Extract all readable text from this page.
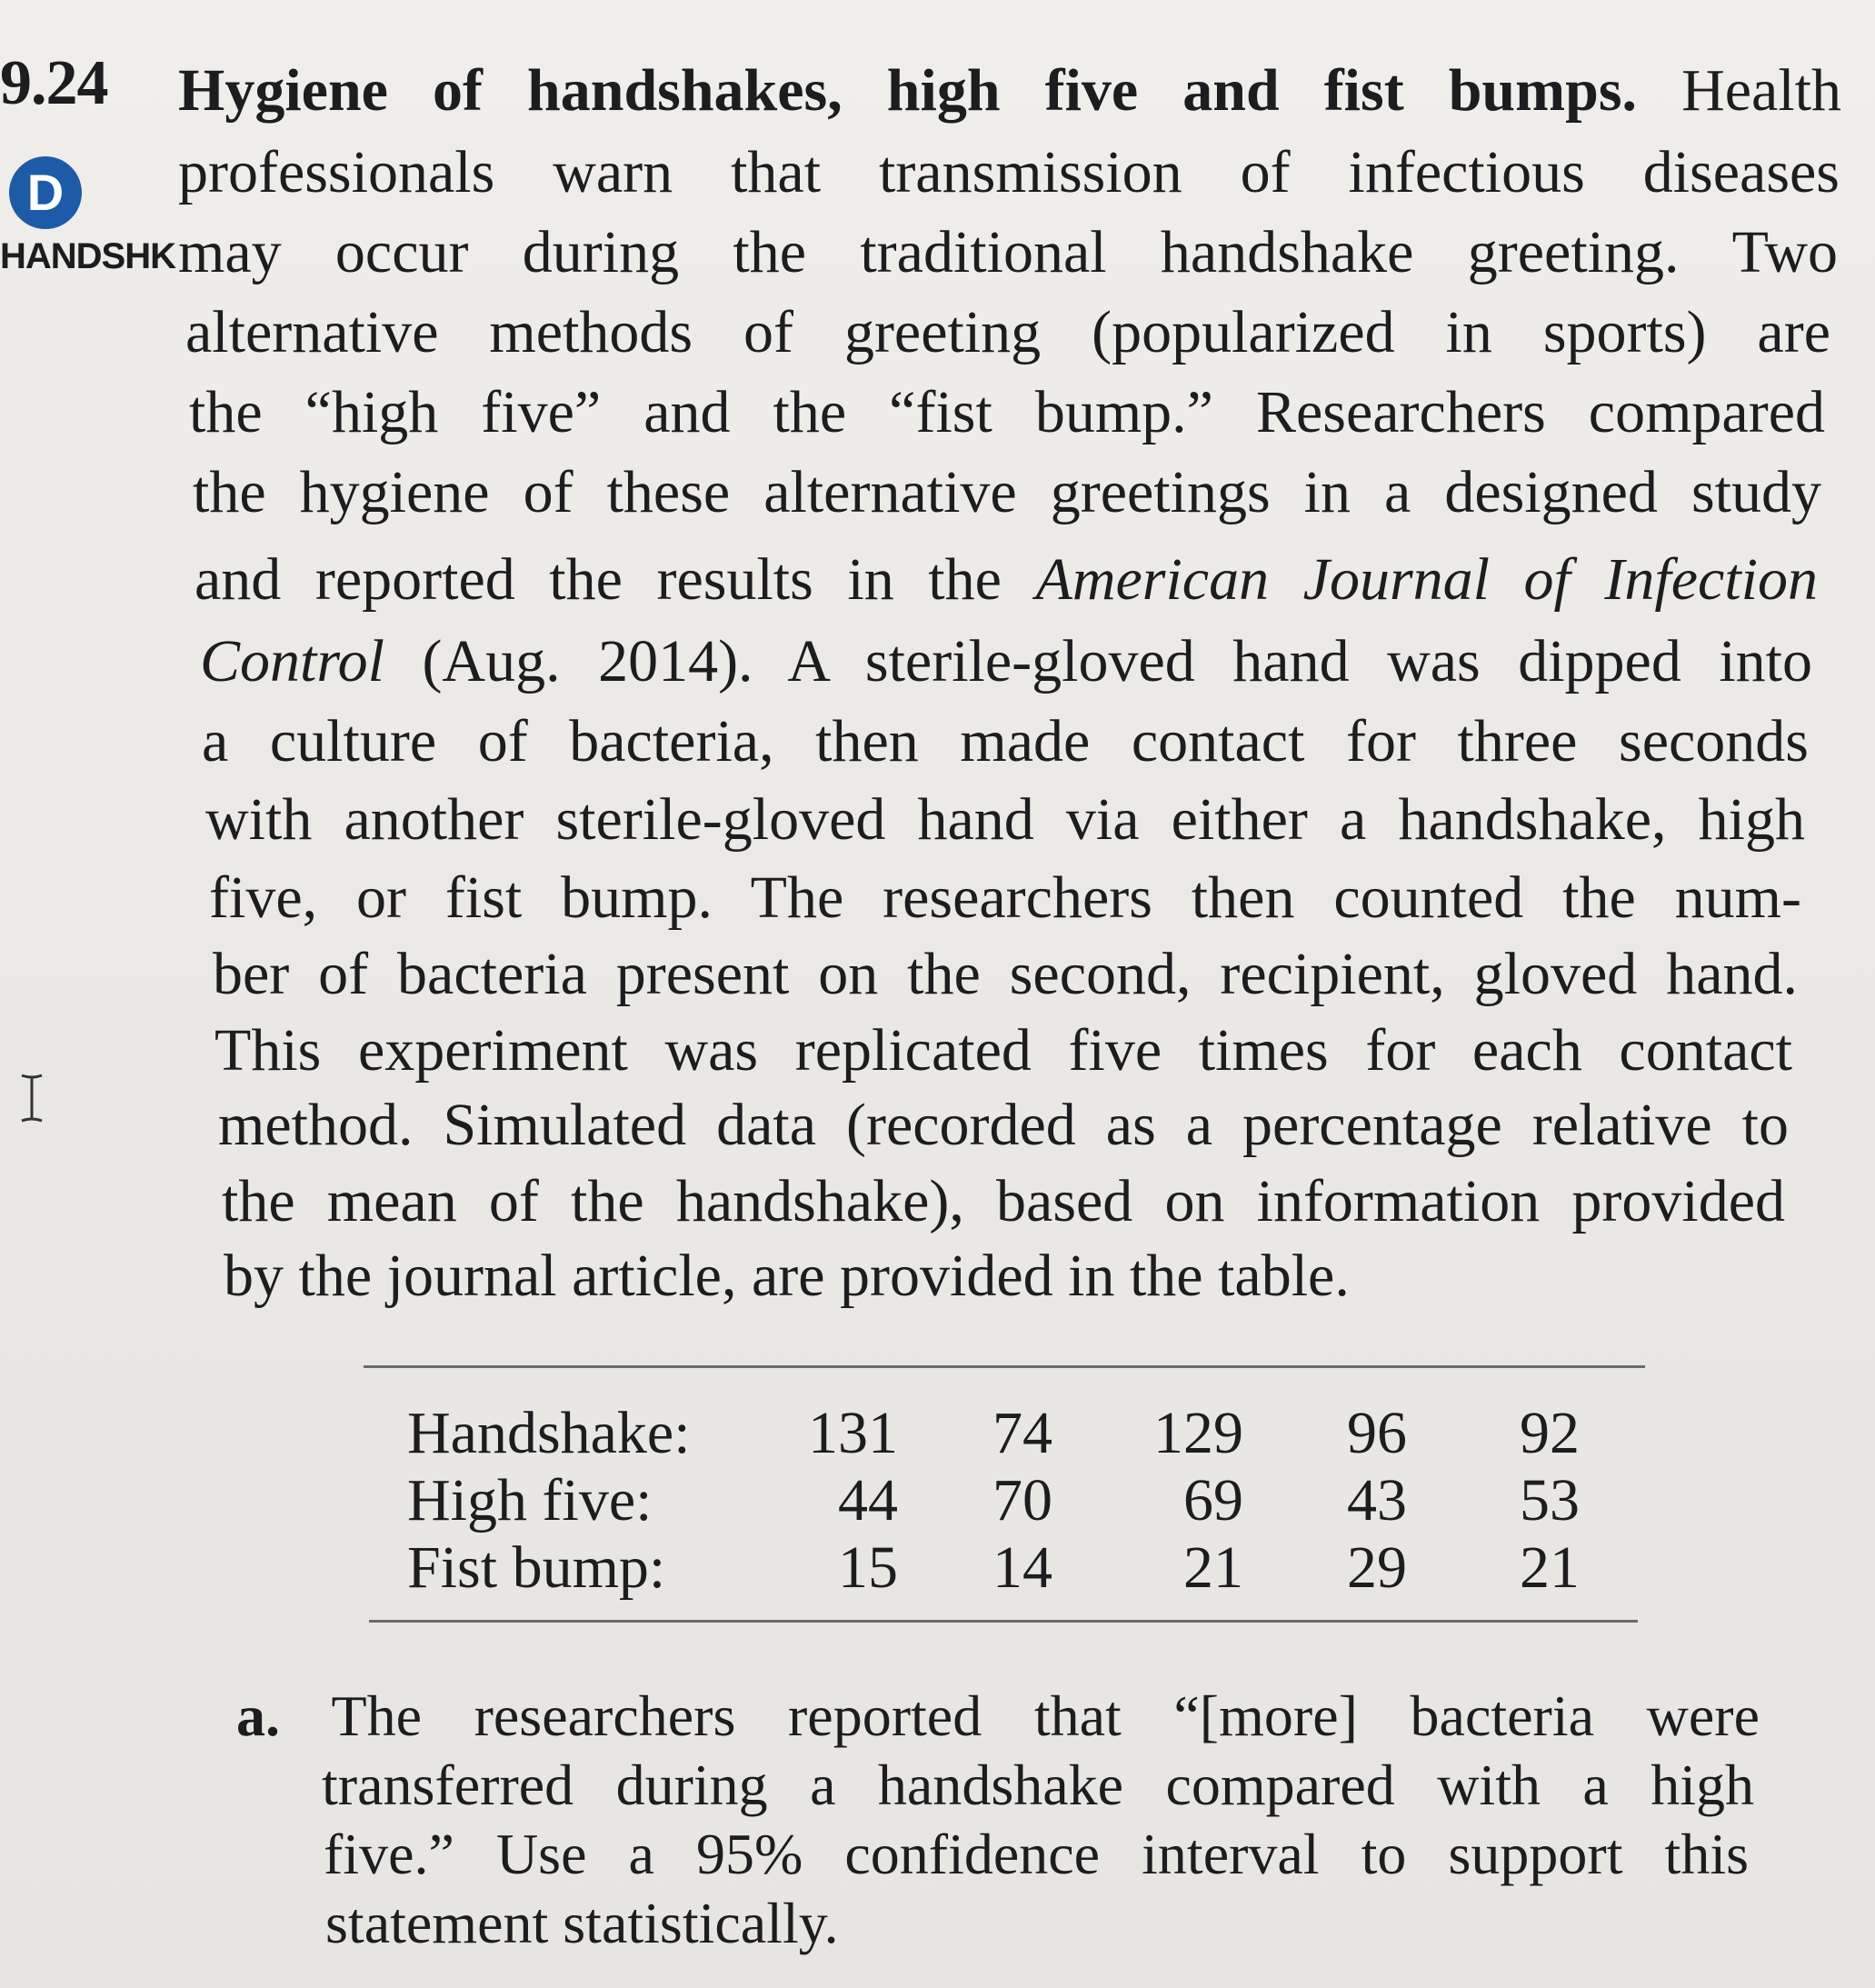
9.24
D
HANDSHK
Hygiene of handshakes, high five and fist bumps. Health
professionals warn that transmission of infectious diseases
may occur during the traditional handshake greeting. Two
alternative methods of greeting (popularized in sports) are
the “high five” and the “fist bump.” Researchers compared
the hygiene of these alternative greetings in a designed study
and reported the results in the American Journal of Infection
Control (Aug. 2014). A sterile-gloved hand was dipped into
a culture of bacteria, then made contact for three seconds
with another sterile-gloved hand via either a handshake, high
five, or fist bump. The researchers then counted the num-
ber of bacteria present on the second, recipient, gloved hand.
This experiment was replicated five times for each contact
method. Simulated data (recorded as a percentage relative to
the mean of the handshake), based on information provided
by the journal article, are provided in the table.
Handshake:	131	74	129	96	92
High five:	44	70	69	43	53
Fist bump:	15	14	21	29	21
a. The researchers reported that “[more] bacteria were
transferred during a handshake compared with a high
five.” Use a 95% confidence interval to support this
statement statistically.
